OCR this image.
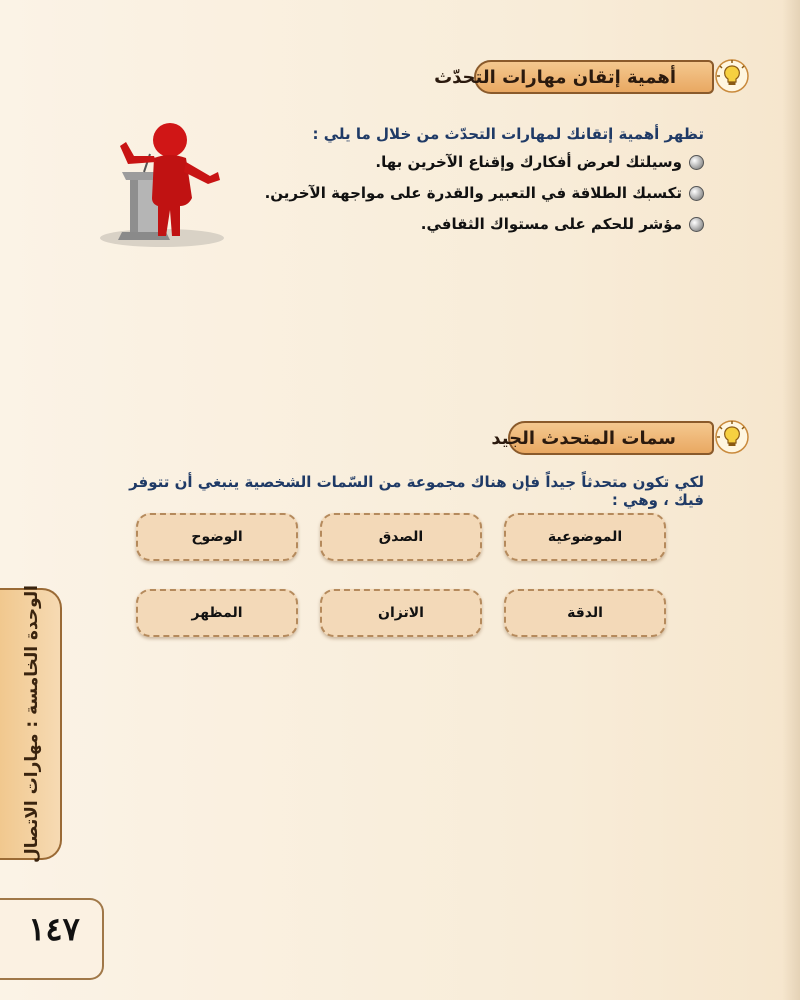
أهمية إتقان مهارات التحدّث
تظهر أهمية إتقانك لمهارات التحدّث من خلال ما يلي :
وسيلتك لعرض أفكارك وإقناع الآخرين بها.
تكسبك الطلاقة في التعبير والقدرة على مواجهة الآخرين.
مؤشر للحكم على مستواك الثقافي.
سمات المتحدث الجيد
لكي تكون متحدثاً جيداً فإن هناك مجموعة من السّمات الشخصية ينبغي أن تتوفر فيك ، وهي :
الموضوعية
الصدق
الوضوح
الدقة
الاتزان
المظهر
الوحدة الخامسة : مهارات الاتصال
١٤٧
